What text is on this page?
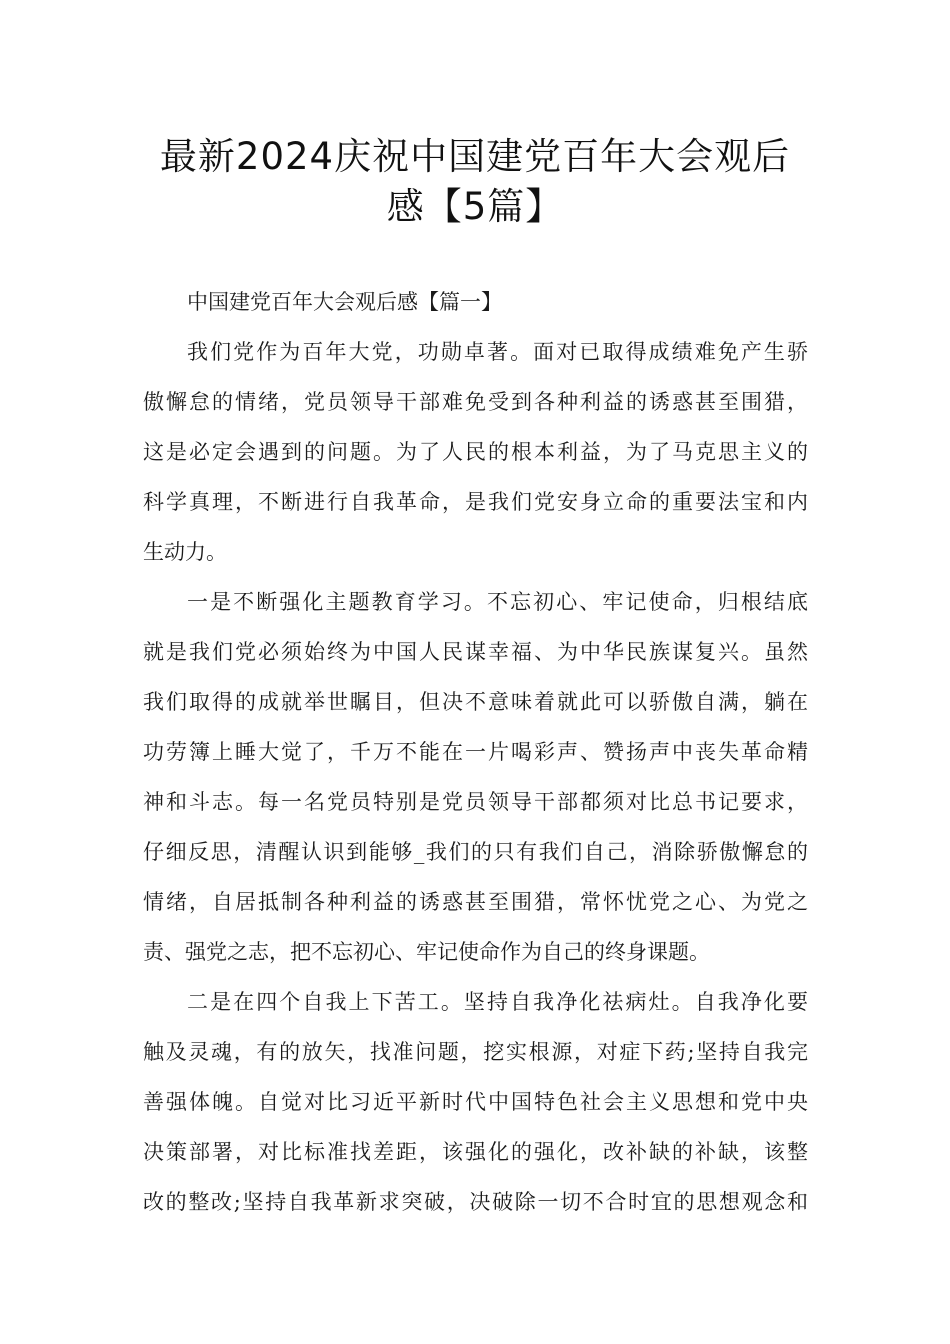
最新2024庆祝中国建党百年大会观后
感【5篇】
中国建党百年大会观后感【篇一】
我们党作为百年大党，功勋卓著。面对已取得成绩难免产生骄
傲懈怠的情绪，党员领导干部难免受到各种利益的诱惑甚至围猎，
这是必定会遇到的问题。为了人民的根本利益，为了马克思主义的
科学真理，不断进行自我革命，是我们党安身立命的重要法宝和内
生动力。
一是不断强化主题教育学习。不忘初心、牢记使命，归根结底
就是我们党必须始终为中国人民谋幸福、为中华民族谋复兴。虽然
我们取得的成就举世瞩目，但决不意味着就此可以骄傲自满，躺在
功劳簿上睡大觉了，千万不能在一片喝彩声、赞扬声中丧失革命精
神和斗志。每一名党员特别是党员领导干部都须对比总书记要求，
仔细反思，清醒认识到能够_我们的只有我们自己，消除骄傲懈怠的
情绪，自居抵制各种利益的诱惑甚至围猎，常怀忧党之心、为党之
责、强党之志，把不忘初心、牢记使命作为自己的终身课题。
二是在四个自我上下苦工。坚持自我净化祛病灶。自我净化要
触及灵魂，有的放矢，找准问题，挖实根源，对症下药;坚持自我完
善强体魄。自觉对比习近平新时代中国特色社会主义思想和党中央
决策部署，对比标准找差距，该强化的强化，改补缺的补缺，该整
改的整改;坚持自我革新求突破，决破除一切不合时宜的思想观念和
